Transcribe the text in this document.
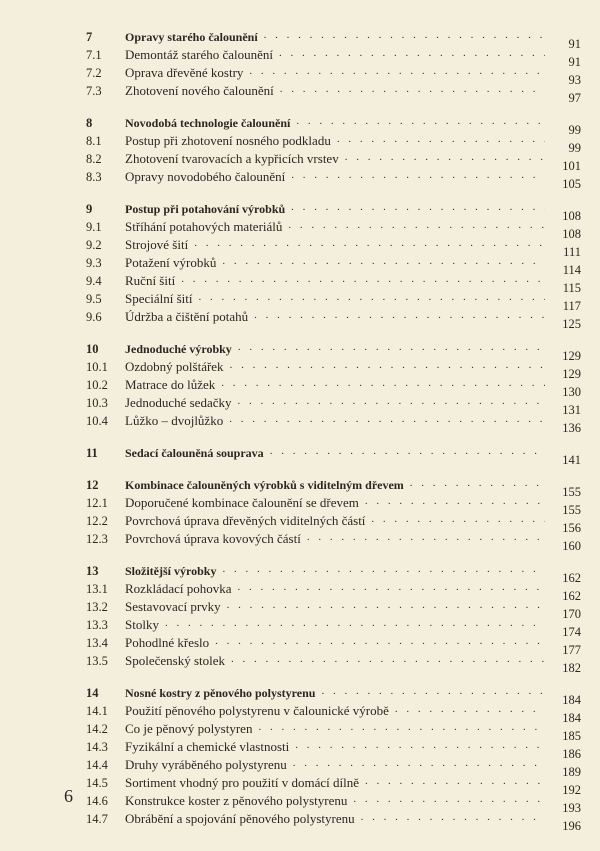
7	Opravy starého čalounění . . .	91
7.1	Demontáž starého čalounění . . .	91
7.2	Oprava dřevěné kostry . . .	93
7.3	Zhotovení nového čalounění . . .	97
8	Novodobá technologie čalounění . . .	99
8.1	Postup při zhotovení nosného podkladu . . .	99
8.2	Zhotovení tvarovacích a kypřicích vrstev . . .	101
8.3	Opravy novodobého čalounění . . .	105
9	Postup při potahování výrobků . . .	108
9.1	Stříhání potahových materiálů . . .	108
9.2	Strojové šití . . .	111
9.3	Potažení výrobků . . .	114
9.4	Ruční šití . . .	115
9.5	Speciální šití . . .	117
9.6	Údržba a čištění potahů . . .	125
10	Jednoduché výrobky . . .	129
10.1	Ozdobný polštářek . . .	129
10.2	Matrace do lůžek . . .	130
10.3	Jednoduché sedačky . . .	131
10.4	Lůžko – dvojlůžko . . .	136
11	Sedací čalouněná souprava . . .	141
12	Kombinace čalouněných výrobků s viditelným dřevem . . .	155
12.1	Doporučené kombinace čalounění se dřevem . . .	155
12.2	Povrchová úprava dřevěných viditelných částí . . .	156
12.3	Povrchová úprava kovových částí . . .	160
13	Složitější výrobky . . .	162
13.1	Rozkládací pohovka . . .	162
13.2	Sestavovací prvky . . .	170
13.3	Stolky . . .	174
13.4	Pohodlné křeslo . . .	177
13.5	Společenský stolek . . .	182
14	Nosné kostry z pěnového polystyrenu . . .	184
14.1	Použití pěnového polystyrenu v čalounické výrobě . . .	184
14.2	Co je pěnový polystyren . . .	185
14.3	Fyzikální a chemické vlastnosti . . .	186
14.4	Druhy vyráběného polystyrenu . . .	189
14.5	Sortiment vhodný pro použití v domácí dílně . . .	192
14.6	Konstrukce koster z pěnového polystyrenu . . .	193
14.7	Obrábění a spojování pěnového polystyrenu . . .	196
6
